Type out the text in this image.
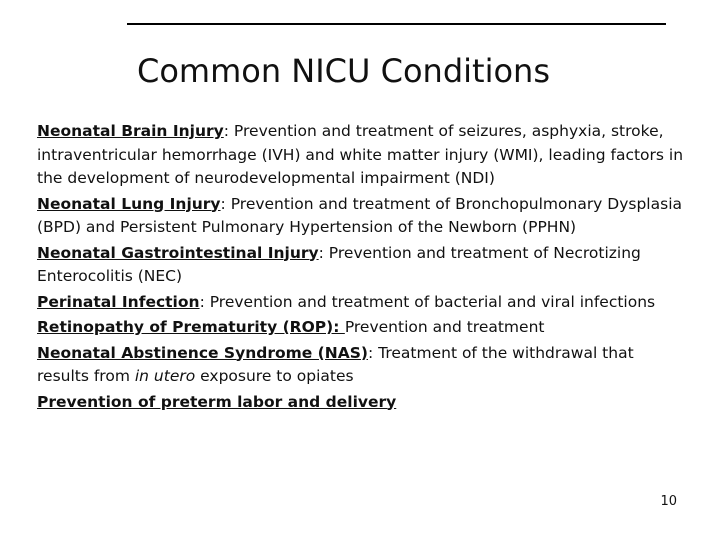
Common NICU Conditions

Neonatal Brain Injury: Prevention and treatment of seizures, asphyxia, stroke, intraventricular hemorrhage (IVH) and white matter injury (WMI), leading factors in the development of neurodevelopmental impairment (NDI)

Neonatal Lung Injury: Prevention and treatment of Bronchopulmonary Dysplasia (BPD) and Persistent Pulmonary Hypertension of the Newborn (PPHN)

Neonatal Gastrointestinal Injury: Prevention and treatment of Necrotizing Enterocolitis (NEC)

Perinatal Infection: Prevention and treatment of bacterial and viral infections

Retinopathy of Prematurity (ROP): Prevention and treatment

Neonatal Abstinence Syndrome (NAS): Treatment of the withdrawal that results from in utero exposure to opiates

Prevention of preterm labor and delivery

10
